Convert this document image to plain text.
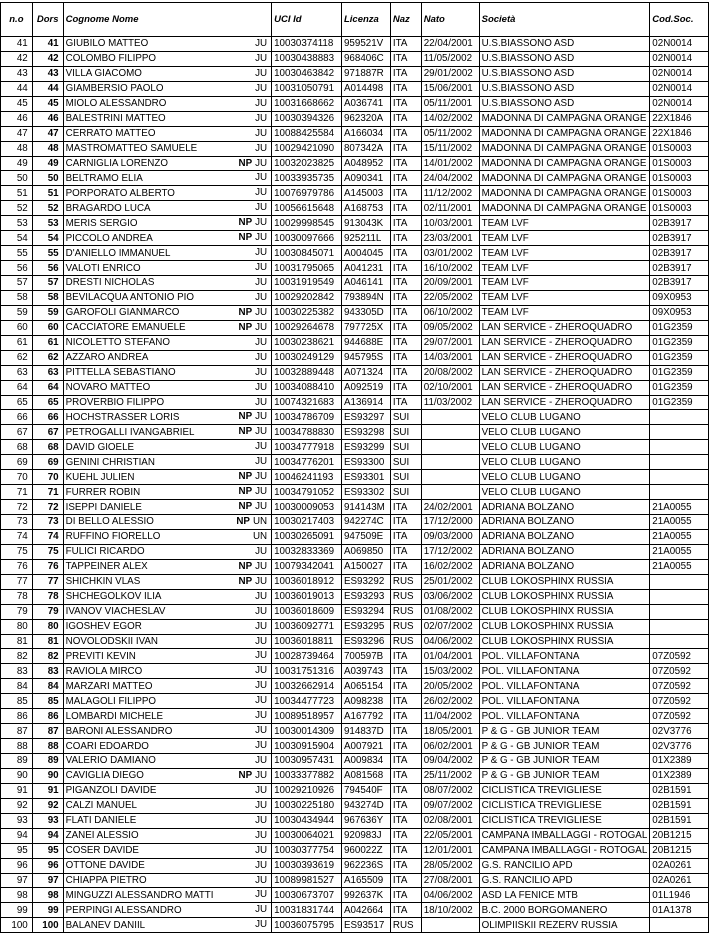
n.o	Dors	Cognome Nome	UCI Id	Licenza	Naz	Nato	Società	Cod.Soc.
41	41	GIUBILO MATTEO JU	10030374118	959521V	ITA	22/04/2001	U.S.BIASSONO ASD	02N0014
42	42	COLOMBO FILIPPO JU	10030438883	968406C	ITA	11/05/2002	U.S.BIASSONO ASD	02N0014
43	43	VILLA GIACOMO JU	10030463842	971887R	ITA	29/01/2002	U.S.BIASSONO ASD	02N0014
44	44	GIAMBERSIO PAOLO JU	10031050791	A014498	ITA	15/06/2001	U.S.BIASSONO ASD	02N0014
45	45	MIOLO ALESSANDRO JU	10031668662	A036741	ITA	05/11/2001	U.S.BIASSONO ASD	02N0014
46	46	BALESTRINI MATTEO JU	10030394326	962320A	ITA	14/02/2002	MADONNA DI CAMPAGNA ORANGE	22X1846
47	47	CERRATO MATTEO JU	10088425584	A166034	ITA	05/11/2002	MADONNA DI CAMPAGNA ORANGE	22X1846
48	48	MASTROMATTEO SAMUELE JU	10029421090	807342A	ITA	15/11/2002	MADONNA DI CAMPAGNA ORANGE	01S0003
49	49	CARNIGLIA LORENZO NP JU	10032023825	A048952	ITA	14/01/2002	MADONNA DI CAMPAGNA ORANGE	01S0003
50	50	BELTRAMO ELIA JU	10033935735	A090341	ITA	24/04/2002	MADONNA DI CAMPAGNA ORANGE	01S0003
51	51	PORPORATO ALBERTO JU	10076979786	A145003	ITA	11/12/2002	MADONNA DI CAMPAGNA ORANGE	01S0003
52	52	BRAGARDO LUCA JU	10056615648	A168753	ITA	02/11/2001	MADONNA DI CAMPAGNA ORANGE	01S0003
53	53	MERIS SERGIO NP JU	10029998545	913043K	ITA	10/03/2001	TEAM LVF	02B3917
54	54	PICCOLO ANDREA NP JU	10030097666	925211L	ITA	23/03/2001	TEAM LVF	02B3917
55	55	D'ANIELLO IMMANUEL JU	10030845071	A004045	ITA	03/01/2002	TEAM LVF	02B3917
56	56	VALOTI ENRICO JU	10031795065	A041231	ITA	16/10/2002	TEAM LVF	02B3917
57	57	DRESTI NICHOLAS JU	10031919549	A046141	ITA	20/09/2001	TEAM LVF	02B3917
58	58	BEVILACQUA ANTONIO PIO JU	10029202842	793894N	ITA	22/05/2002	TEAM LVF	09X0953
59	59	GAROFOLI GIANMARCO NP JU	10030225382	943305D	ITA	06/10/2002	TEAM LVF	09X0953
60	60	CACCIATORE EMANUELE NP JU	10029264678	797725X	ITA	09/05/2002	LAN SERVICE - ZHEROQUADRO	01G2359
61	61	NICOLETTO STEFANO JU	10030238621	944688E	ITA	29/07/2001	LAN SERVICE - ZHEROQUADRO	01G2359
62	62	AZZARO ANDREA JU	10030249129	945795S	ITA	14/03/2001	LAN SERVICE - ZHEROQUADRO	01G2359
63	63	PITTELLA SEBASTIANO JU	10032889448	A071324	ITA	20/08/2002	LAN SERVICE - ZHEROQUADRO	01G2359
64	64	NOVARO MATTEO JU	10034088410	A092519	ITA	02/10/2001	LAN SERVICE - ZHEROQUADRO	01G2359
65	65	PROVERBIO FILIPPO JU	10074321683	A136914	ITA	11/03/2002	LAN SERVICE - ZHEROQUADRO	01G2359
66	66	HOCHSTRASSER LORIS NP JU	10034786709	ES93297	SUI		VELO CLUB LUGANO	
67	67	PETROGALLI IVANGABRIEL NP JU	10034788830	ES93298	SUI		VELO CLUB LUGANO	
68	68	DAVID GIOELE JU	10034777918	ES93299	SUI		VELO CLUB LUGANO	
69	69	GENINI CHRISTIAN JU	10034776201	ES93300	SUI		VELO CLUB LUGANO	
70	70	KUEHL JULIEN NP JU	10046241193	ES93301	SUI		VELO CLUB LUGANO	
71	71	FURRER ROBIN NP JU	10034791052	ES93302	SUI		VELO CLUB LUGANO	
72	72	ISEPPI DANIELE NP JU	10030009053	914143M	ITA	24/02/2001	ADRIANA BOLZANO	21A0055
73	73	DI BELLO ALESSIO NP UN	10030217403	942274C	ITA	17/12/2000	ADRIANA BOLZANO	21A0055
74	74	RUFFINO FIORELLO UN	10030265091	947509E	ITA	09/03/2000	ADRIANA BOLZANO	21A0055
75	75	FULICI RICARDO JU	10032833369	A069850	ITA	17/12/2002	ADRIANA BOLZANO	21A0055
76	76	TAPPEINER ALEX NP JU	10079342041	A150027	ITA	16/02/2002	ADRIANA BOLZANO	21A0055
77	77	SHICHKIN VLAS NP JU	10036018912	ES93292	RUS	25/01/2002	CLUB LOKOSPHINX RUSSIA	
78	78	SHCHEGOLKOV ILIA JU	10036019013	ES93293	RUS	03/06/2002	CLUB LOKOSPHINX RUSSIA	
79	79	IVANOV VIACHESLAV JU	10036018609	ES93294	RUS	01/08/2002	CLUB LOKOSPHINX RUSSIA	
80	80	IGOSHEV EGOR JU	10036092771	ES93295	RUS	02/07/2002	CLUB LOKOSPHINX RUSSIA	
81	81	NOVOLODSKII IVAN JU	10036018811	ES93296	RUS	04/06/2002	CLUB LOKOSPHINX RUSSIA	
82	82	PREVITI KEVIN JU	10028739464	700597B	ITA	01/04/2001	POL. VILLAFONTANA	07Z0592
83	83	RAVIOLA MIRCO JU	10031751316	A039743	ITA	15/03/2002	POL. VILLAFONTANA	07Z0592
84	84	MARZARI MATTEO JU	10032662914	A065154	ITA	20/05/2002	POL. VILLAFONTANA	07Z0592
85	85	MALAGOLI FILIPPO JU	10034477723	A098238	ITA	26/02/2002	POL. VILLAFONTANA	07Z0592
86	86	LOMBARDI MICHELE JU	10089518957	A167792	ITA	11/04/2002	POL. VILLAFONTANA	07Z0592
87	87	BARONI ALESSANDRO JU	10030014309	914837D	ITA	18/05/2001	P & G - GB JUNIOR TEAM	02V3776
88	88	COARI EDOARDO JU	10030915904	A007921	ITA	06/02/2001	P & G - GB JUNIOR TEAM	02V3776
89	89	VALERIO DAMIANO JU	10030957431	A009834	ITA	09/04/2002	P & G - GB JUNIOR TEAM	01X2389
90	90	CAVIGLIA DIEGO NP JU	10033377882	A081568	ITA	25/11/2002	P & G - GB JUNIOR TEAM	01X2389
91	91	PIGANZOLI DAVIDE JU	10029210926	794540F	ITA	08/07/2002	CICLISTICA TREVIGLIESE	02B1591
92	92	CALZI MANUEL JU	10030225180	943274D	ITA	09/07/2002	CICLISTICA TREVIGLIESE	02B1591
93	93	FLATI DANIELE JU	10030434944	967636Y	ITA	02/08/2001	CICLISTICA TREVIGLIESE	02B1591
94	94	ZANEI ALESSIO JU	10030064021	920983J	ITA	22/05/2001	CAMPANA IMBALLAGGI - ROTOGAL	20B1215
95	95	COSER DAVIDE JU	10030377754	960022Z	ITA	12/01/2001	CAMPANA IMBALLAGGI - ROTOGAL	20B1215
96	96	OTTONE DAVIDE JU	10030393619	962236S	ITA	28/05/2002	G.S. RANCILIO APD	02A0261
97	97	CHIAPPA PIETRO JU	10089981527	A165509	ITA	27/08/2001	G.S. RANCILIO APD	02A0261
98	98	MINGUZZI ALESSANDRO MATTI JU	10030673707	992637K	ITA	04/06/2002	ASD LA FENICE MTB	01L1946
99	99	PERPINGI ALESSANDRO JU	10031831744	A042664	ITA	18/10/2002	B.C. 2000 BORGOMANERO	01A1378
100	100	BALANEV DANIIL JU	10036075795	ES93517	RUS		OLIMPIISKII REZERV RUSSIA	
